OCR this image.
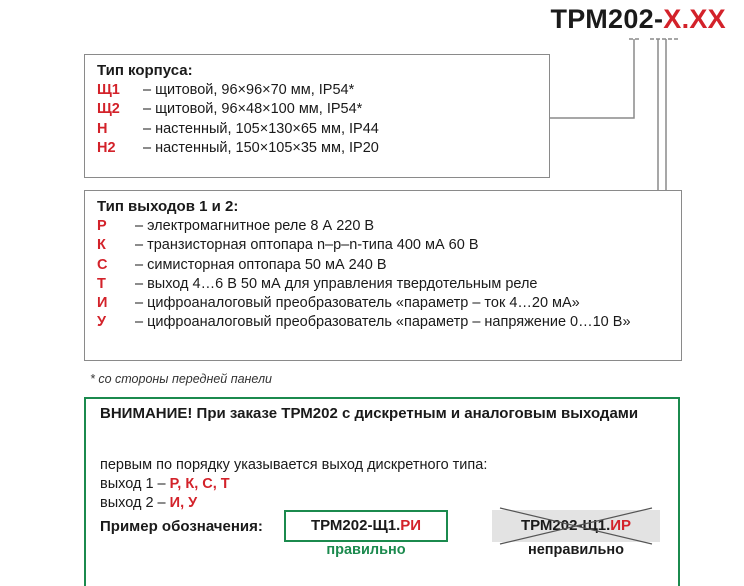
ТРМ202-X.XX
Тип корпуса:
Щ1 – щитовой, 96×96×70 мм, IP54*
Щ2 – щитовой, 96×48×100 мм, IP54*
Н – настенный, 105×130×65 мм, IP44
Н2 – настенный, 150×105×35 мм, IP20
Тип выходов 1 и 2:
Р – электромагнитное реле 8 А 220 В
К – транзисторная оптопара n–p–n-типа 400 мА 60 В
С – симисторная оптопара 50 мА 240 В
Т – выход 4…6 В 50 мА для управления твердотельным реле
И – цифроаналоговый преобразователь «параметр – ток 4…20 мА»
У – цифроаналоговый преобразователь «параметр – напряжение 0…10 В»
* со стороны передней панели
ВНИМАНИЕ! При заказе ТРМ202 с дискретным и аналоговым выходами
первым по порядку указывается выход дискретного типа:
выход 1 – Р, К, С, Т
выход 2 – И, У
Пример обозначения:	ТРМ202-Щ1.РИ
правильно
ТРМ202-Щ1.ИР
неправильно
